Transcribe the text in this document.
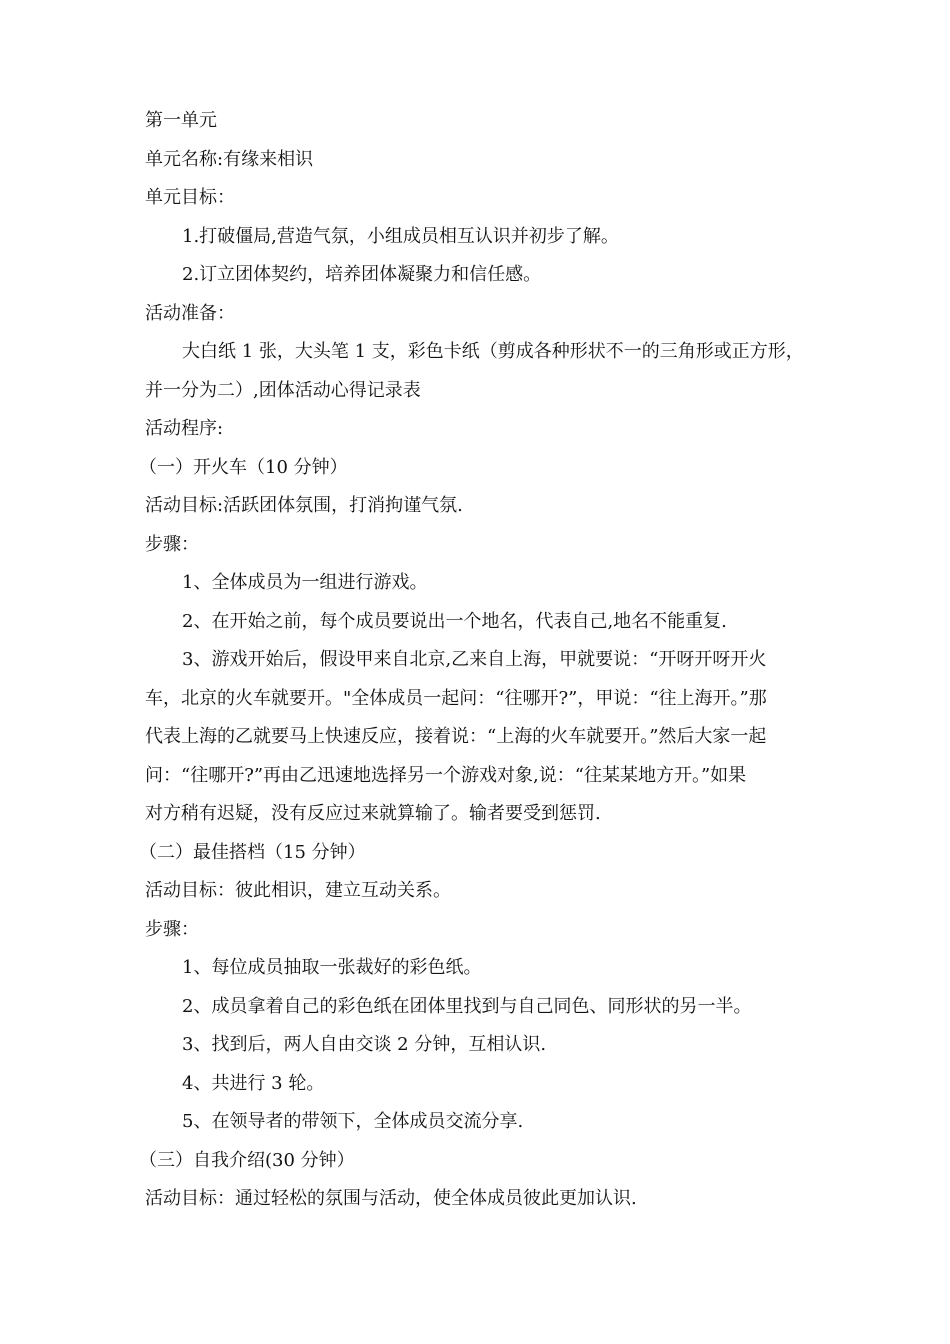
第一单元
单元名称:有缘来相识
单元目标：
1.打破僵局,营造气氛，小组成员相互认识并初步了解。
2.订立团体契约，培养团体凝聚力和信任感。
活动准备：
大白纸 1 张，大头笔 1 支，彩色卡纸（剪成各种形状不一的三角形或正方形，
并一分为二）,团体活动心得记录表
活动程序:
（一）开火车（10 分钟）
活动目标:活跃团体氛围，打消拘谨气氛.
步骤：
1、全体成员为一组进行游戏。
2、在开始之前，每个成员要说出一个地名，代表自己,地名不能重复.
3、游戏开始后，假设甲来自北京,乙来自上海，甲就要说：“开呀开呀开火
车，北京的火车就要开。"全体成员一起问：“往哪开?”，甲说：“往上海开。”那
代表上海的乙就要马上快速反应，接着说：“上海的火车就要开。”然后大家一起
问：“往哪开?”再由乙迅速地选择另一个游戏对象,说：“往某某地方开。”如果
对方稍有迟疑，没有反应过来就算输了。输者要受到惩罚.
（二）最佳搭档（15 分钟）
活动目标：彼此相识，建立互动关系。
步骤：
1、每位成员抽取一张裁好的彩色纸。
2、成员拿着自己的彩色纸在团体里找到与自己同色、同形状的另一半。
3、找到后，两人自由交谈 2 分钟，互相认识.
4、共进行 3 轮。
5、在领导者的带领下，全体成员交流分享.
（三）自我介绍(30 分钟）
活动目标：通过轻松的氛围与活动，使全体成员彼此更加认识.
